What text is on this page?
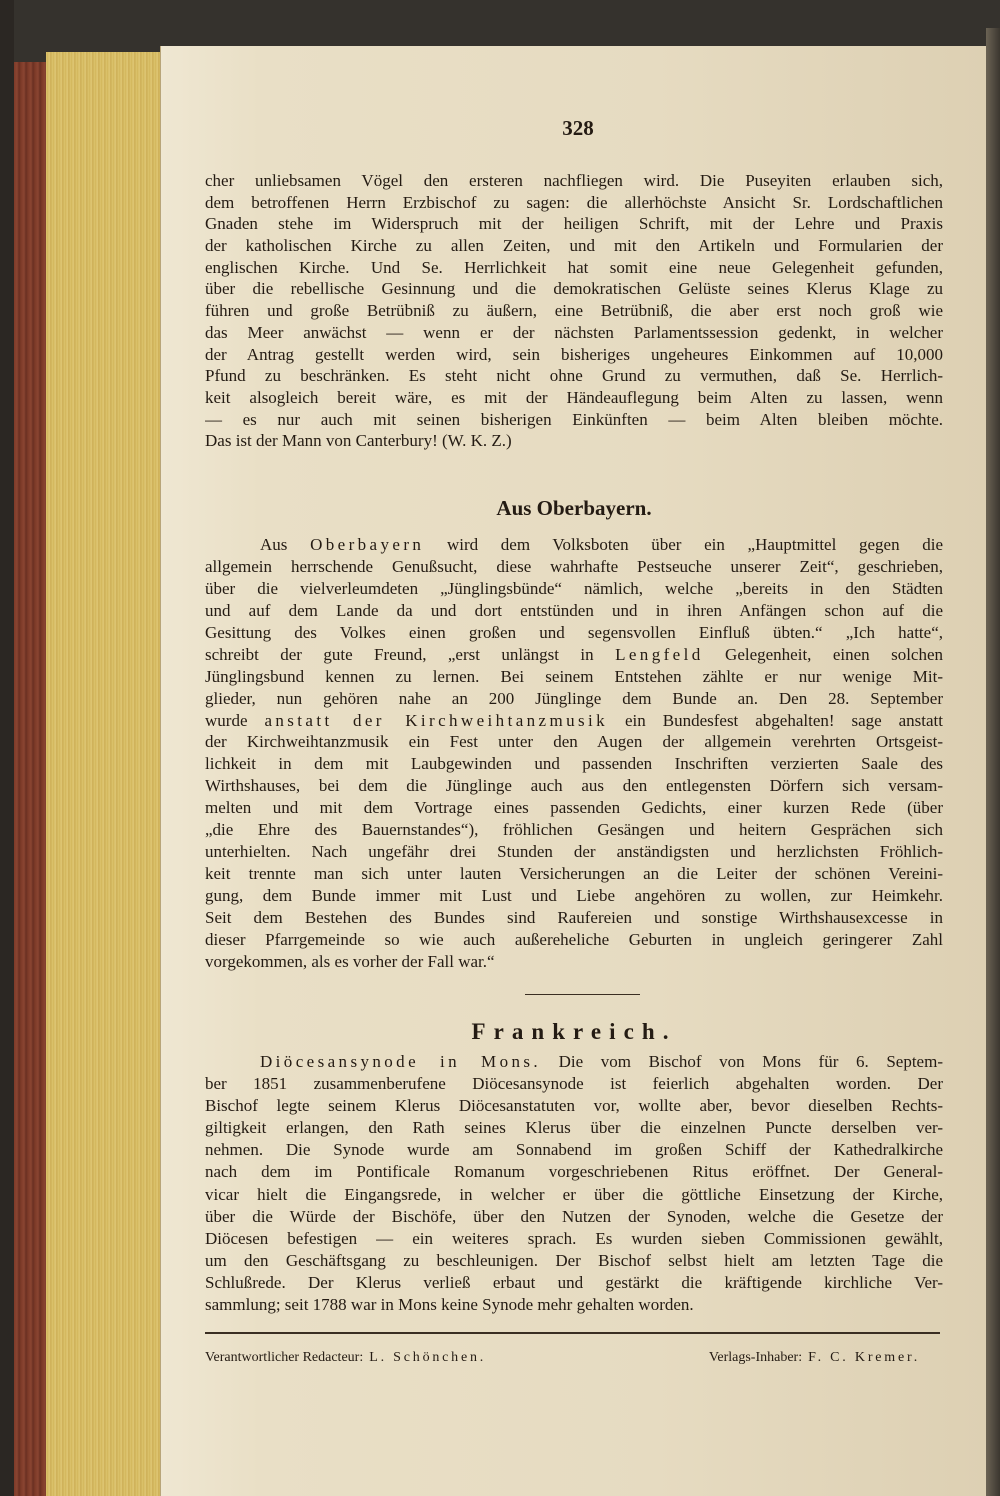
328
cher unliebsamen Vögel den ersteren nachfliegen wird. Die Puseyiten erlauben sich,
dem betroffenen Herrn Erzbischof zu sagen: die allerhöchste Ansicht Sr. Lordschaftlichen
Gnaden stehe im Widerspruch mit der heiligen Schrift, mit der Lehre und Praxis
der katholischen Kirche zu allen Zeiten, und mit den Artikeln und Formularien der
englischen Kirche. Und Se. Herrlichkeit hat somit eine neue Gelegenheit gefunden,
über die rebellische Gesinnung und die demokratischen Gelüste seines Klerus Klage zu
führen und große Betrübniß zu äußern, eine Betrübniß, die aber erst noch groß wie
das Meer anwächst — wenn er der nächsten Parlamentssession gedenkt, in welcher
der Antrag gestellt werden wird, sein bisheriges ungeheures Einkommen auf 10,000
Pfund zu beschränken. Es steht nicht ohne Grund zu vermuthen, daß Se. Herrlich-
keit alsogleich bereit wäre, es mit der Händeauflegung beim Alten zu lassen, wenn
— es nur auch mit seinen bisherigen Einkünften — beim Alten bleiben möchte.
Das ist der Mann von Canterbury! (W. K. Z.)
Aus Oberbayern.
Aus Oberbayern wird dem Volksboten über ein „Hauptmittel gegen die
allgemein herrschende Genußsucht, diese wahrhafte Pestseuche unserer Zeit“, geschrieben,
über die vielverleumdeten „Jünglingsbünde“ nämlich, welche „bereits in den Städten
und auf dem Lande da und dort entstünden und in ihren Anfängen schon auf die
Gesittung des Volkes einen großen und segensvollen Einfluß übten.“ „Ich hatte“,
schreibt der gute Freund, „erst unlängst in Lengfeld Gelegenheit, einen solchen
Jünglingsbund kennen zu lernen. Bei seinem Entstehen zählte er nur wenige Mit-
glieder, nun gehören nahe an 200 Jünglinge dem Bunde an. Den 28. September
wurde anstatt der Kirchweihtanzmusik ein Bundesfest abgehalten! sage anstatt
der Kirchweihtanzmusik ein Fest unter den Augen der allgemein verehrten Ortsgeist-
lichkeit in dem mit Laubgewinden und passenden Inschriften verzierten Saale des
Wirthshauses, bei dem die Jünglinge auch aus den entlegensten Dörfern sich versam-
melten und mit dem Vortrage eines passenden Gedichts, einer kurzen Rede (über
„die Ehre des Bauernstandes“), fröhlichen Gesängen und heitern Gesprächen sich
unterhielten. Nach ungefähr drei Stunden der anständigsten und herzlichsten Fröhlich-
keit trennte man sich unter lauten Versicherungen an die Leiter der schönen Vereini-
gung, dem Bunde immer mit Lust und Liebe angehören zu wollen, zur Heimkehr.
Seit dem Bestehen des Bundes sind Raufereien und sonstige Wirthshausexcesse in
dieser Pfarrgemeinde so wie auch außereheliche Geburten in ungleich geringerer Zahl
vorgekommen, als es vorher der Fall war.“
Frankreich.
Diöcesansynode in Mons. Die vom Bischof von Mons für 6. Septem-
ber 1851 zusammenberufene Diöcesansynode ist feierlich abgehalten worden. Der
Bischof legte seinem Klerus Diöcesanstatuten vor, wollte aber, bevor dieselben Rechts-
giltigkeit erlangen, den Rath seines Klerus über die einzelnen Puncte derselben ver-
nehmen. Die Synode wurde am Sonnabend im großen Schiff der Kathedralkirche
nach dem im Pontificale Romanum vorgeschriebenen Ritus eröffnet. Der General-
vicar hielt die Eingangsrede, in welcher er über die göttliche Einsetzung der Kirche,
über die Würde der Bischöfe, über den Nutzen der Synoden, welche die Gesetze der
Diöcesen befestigen — ein weiteres sprach. Es wurden sieben Commissionen gewählt,
um den Geschäftsgang zu beschleunigen. Der Bischof selbst hielt am letzten Tage die
Schlußrede. Der Klerus verließ erbaut und gestärkt die kräftigende kirchliche Ver-
sammlung; seit 1788 war in Mons keine Synode mehr gehalten worden.
Verantwortlicher Redacteur: L. Schönchen.	Verlags-Inhaber: F. C. Kremer.
